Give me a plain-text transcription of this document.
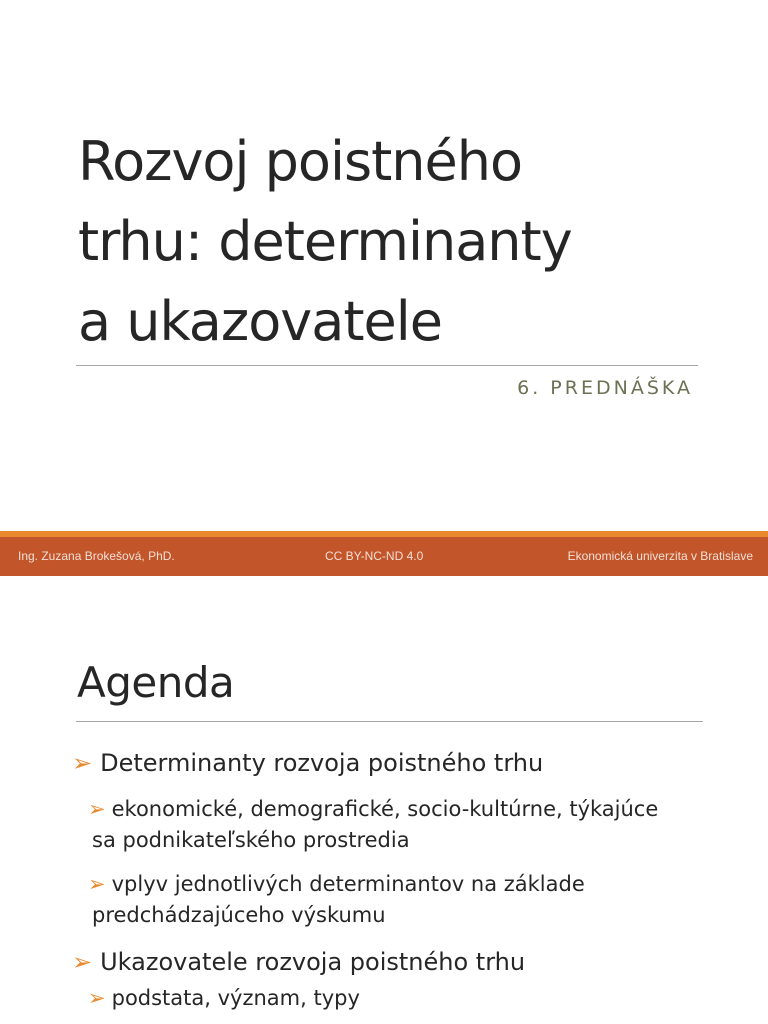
Rozvoj poistného
trhu: determinanty
a ukazovatele
6. PREDNÁŠKA
Ing. Zuzana Brokešová, PhD.	CC BY-NC-ND 4.0	Ekonomická univerzita v Bratislave
Agenda
➢ Determinanty rozvoja poistného trhu
➢ ekonomické, demografické, socio-kultúrne, týkajúce
sa podnikateľského prostredia
➢ vplyv jednotlivých determinantov na základe
predchádzajúceho výskumu
➢ Ukazovatele rozvoja poistného trhu
➢ podstata, význam, typy
